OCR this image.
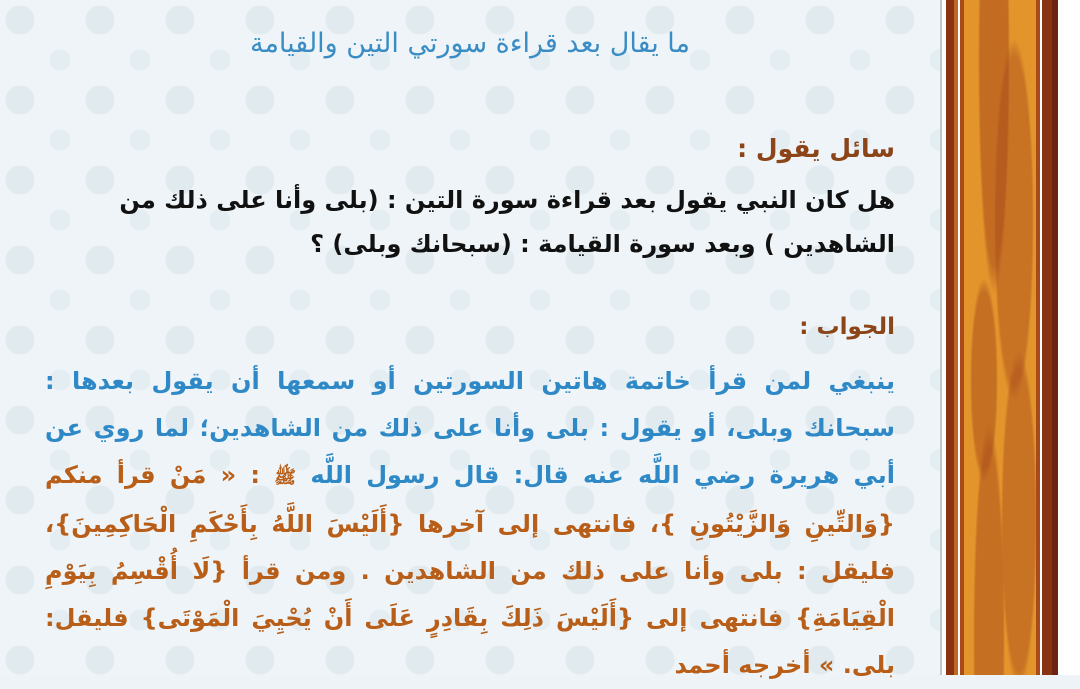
ما يقال بعد قراءة سورتي التين والقيامة
سائل يقول :
هل كان النبي يقول بعد قراءة سورة التين : (بلى وأنا على ذلك من الشاهدين ) وبعد سورة القيامة : (سبحانك وبلى) ؟
الجواب :
ينبغي لمن قرأ خاتمة هاتين السورتين أو سمعها أن يقول بعدها : سبحانك وبلى، أو يقول : بلى وأنا على ذلك من الشاهدين؛ لما روي عن أبي هريرة رضي اللَّه عنه قال: قال رسول اللَّه ﷺ : « مَنْ قرأ منكم {وَالتِّينِ وَالزَّيْتُونِ }، فانتهى إلى آخرها {أَلَيْسَ اللَّهُ بِأَحْكَمِ الْحَاكِمِينَ}، فليقل : بلى وأنا على ذلك من الشاهدين . ومن قرأ {لَا أُقْسِمُ بِيَوْمِ الْقِيَامَةِ} فانتهى إلى {أَلَيْسَ ذَلِكَ بِقَادِرٍ عَلَى أَنْ يُحْيِيَ الْمَوْتَى} فليقل: بلى. » أخرجه أحمد
